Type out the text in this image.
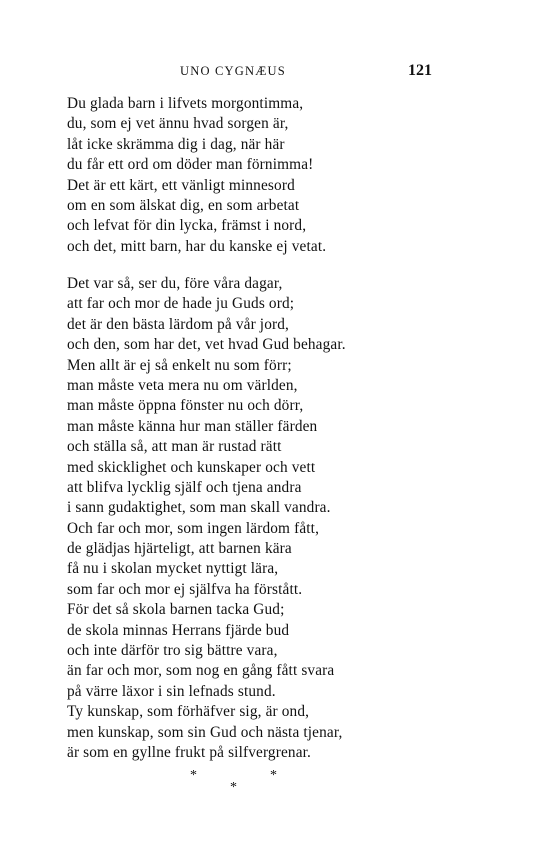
UNO CYGNÆUS	121
Du glada barn i lifvets morgontimma,
du, som ej vet ännu hvad sorgen är,
låt icke skrämma dig i dag, när här
du får ett ord om döder man förnimma!
Det är ett kärt, ett vänligt minnesord
om en som älskat dig, en som arbetat
och lefvat för din lycka, främst i nord,
och det, mitt barn, har du kanske ej vetat.
Det var så, ser du, före våra dagar,
att far och mor de hade ju Guds ord;
det är den bästa lärdom på vår jord,
och den, som har det, vet hvad Gud behagar.
Men allt är ej så enkelt nu som förr;
man måste veta mera nu om världen,
man måste öppna fönster nu och dörr,
man måste känna hur man ställer färden
och ställa så, att man är rustad rätt
med skicklighet och kunskaper och vett
att blifva lycklig själf och tjena andra
i sann gudaktighet, som man skall vandra.
Och far och mor, som ingen lärdom fått,
de glädjas hjärteligt, att barnen kära
få nu i skolan mycket nyttigt lära,
som far och mor ej själfva ha förstått.
För det så skola barnen tacka Gud;
de skola minnas Herrans fjärde bud
och inte därför tro sig bättre vara,
än far och mor, som nog en gång fått svara
på värre läxor i sin lefnads stund.
Ty kunskap, som förhäfver sig, är ond,
men kunskap, som sin Gud och nästa tjenar,
är som en gyllne frukt på silfvergrenar.
*	*
*
